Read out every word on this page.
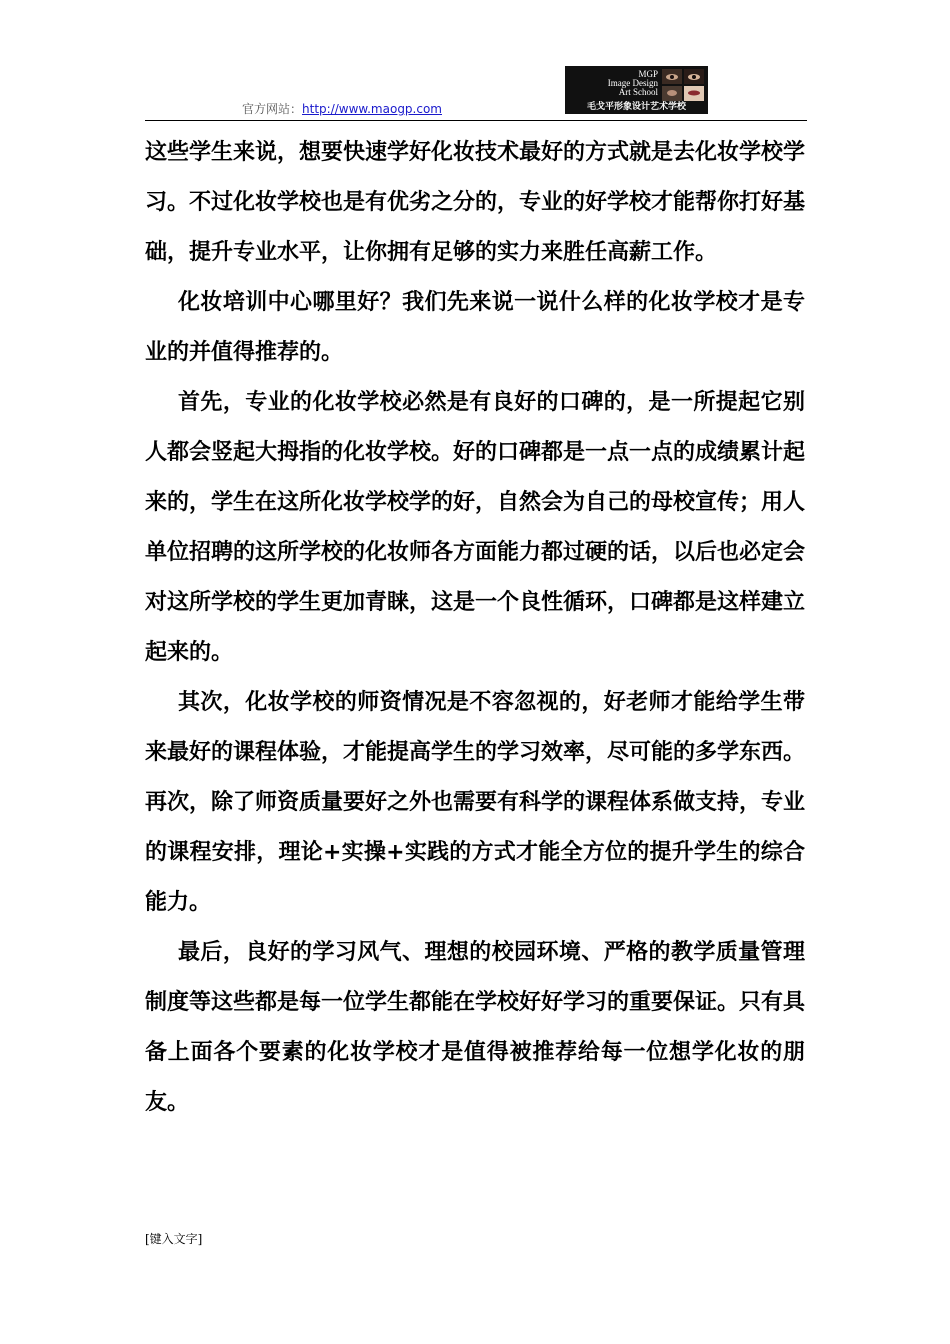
官方网站：http://www.maogp.com
MGP
Image Design
Art School
毛戈平形象设计艺术学校

这些学生来说，想要快速学好化妆技术最好的方式就是去化妆学校学习。不过化妆学校也是有优劣之分的，专业的好学校才能帮你打好基础，提升专业水平，让你拥有足够的实力来胜任高薪工作。

化妆培训中心哪里好？我们先来说一说什么样的化妆学校才是专业的并值得推荐的。

首先，专业的化妆学校必然是有良好的口碑的，是一所提起它别人都会竖起大拇指的化妆学校。好的口碑都是一点一点的成绩累计起来的，学生在这所化妆学校学的好，自然会为自己的母校宣传；用人单位招聘的这所学校的化妆师各方面能力都过硬的话，以后也必定会对这所学校的学生更加青睐，这是一个良性循环，口碑都是这样建立起来的。

其次，化妆学校的师资情况是不容忽视的，好老师才能给学生带来最好的课程体验，才能提高学生的学习效率，尽可能的多学东西。再次，除了师资质量要好之外也需要有科学的课程体系做支持，专业的课程安排，理论+实操+实践的方式才能全方位的提升学生的综合能力。

最后，良好的学习风气、理想的校园环境、严格的教学质量管理制度等这些都是每一位学生都能在学校好好学习的重要保证。只有具备上面各个要素的化妆学校才是值得被推荐给每一位想学化妆的朋友。

[键入文字]
